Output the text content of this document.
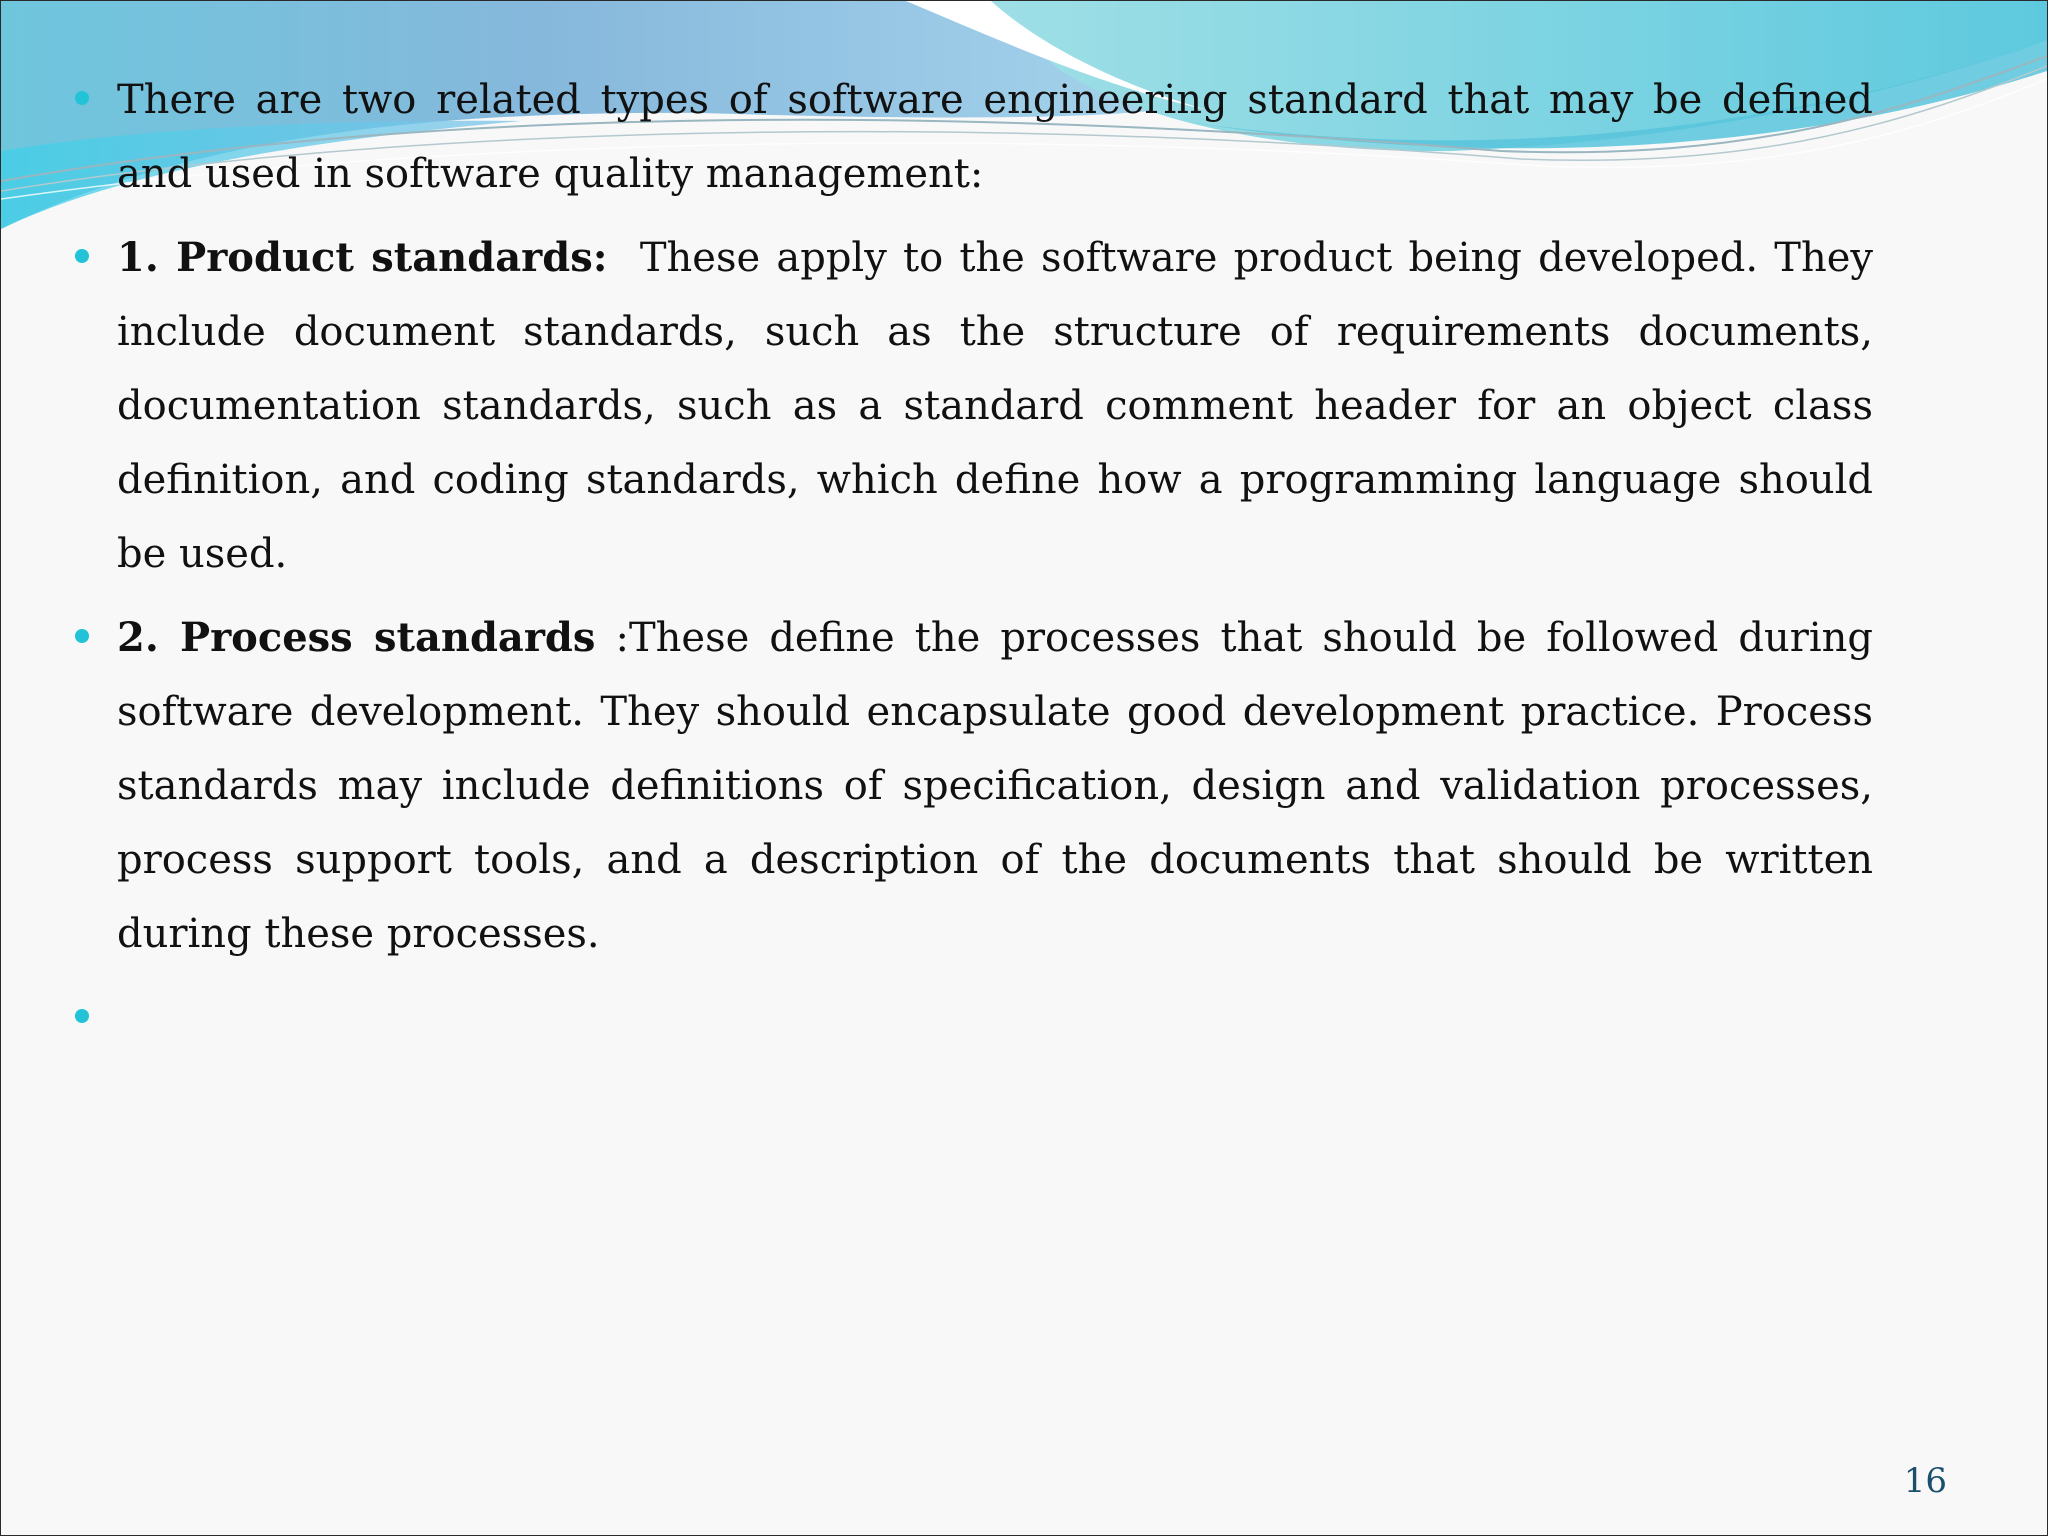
There are two related types of software engineering standard that may be defined and used in software quality management:

1. Product standards:  These apply to the software product being developed. They include document standards, such as the structure of requirements documents, documentation standards, such as a standard comment header for an object class definition, and coding standards, which define how a programming language should be used.

2. Process standards :These define the processes that should be followed during software development. They should encapsulate good development practice. Process standards may include definitions of specification, design and validation processes, process support tools, and a description of the documents that should be written during these processes.

16
